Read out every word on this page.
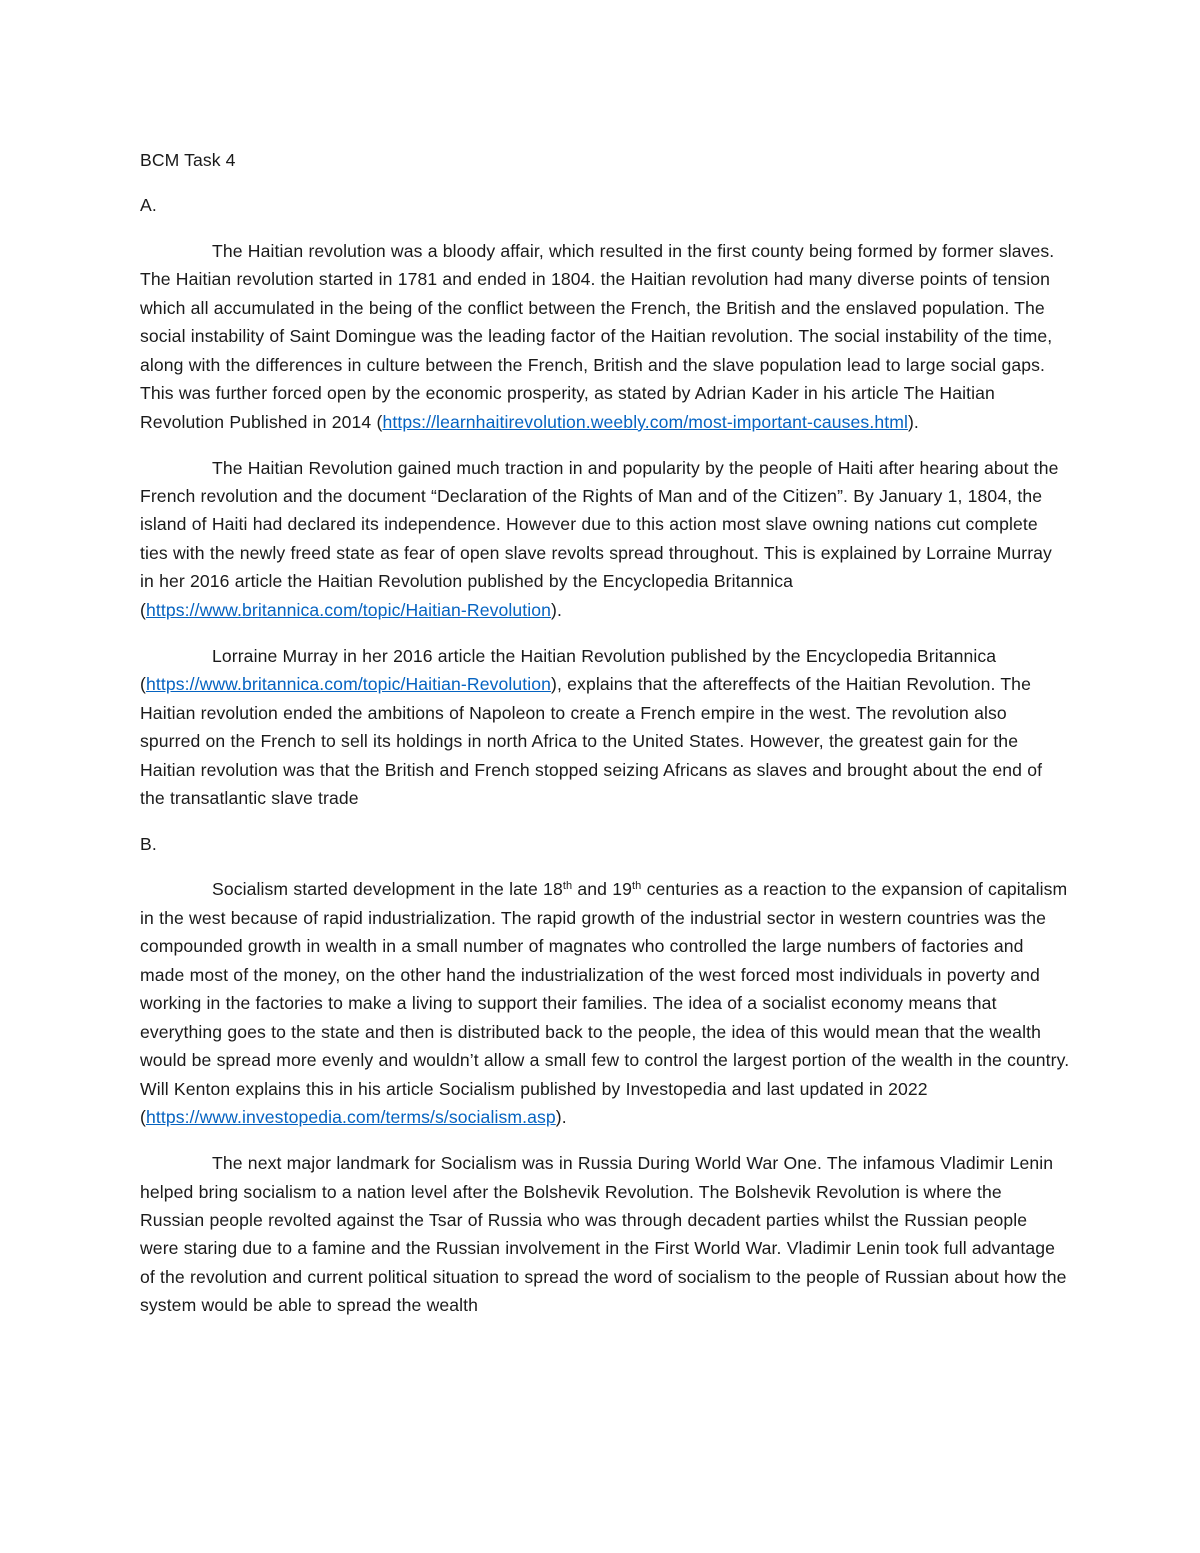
BCM Task 4

A.

The Haitian revolution was a bloody affair, which resulted in the first county being formed by former slaves. The Haitian revolution started in 1781 and ended in 1804. the Haitian revolution had many diverse points of tension which all accumulated in the being of the conflict between the French, the British and the enslaved population. The social instability of Saint Domingue was the leading factor of the Haitian revolution. The social instability of the time, along with the differences in culture between the French, British and the slave population lead to large social gaps. This was further forced open by the economic prosperity, as stated by Adrian Kader in his article The Haitian Revolution Published in 2014 (https://learnhaitirevolution.weebly.com/most-important-causes.html).

The Haitian Revolution gained much traction in and popularity by the people of Haiti after hearing about the French revolution and the document “Declaration of the Rights of Man and of the Citizen”. By January 1, 1804, the island of Haiti had declared its independence. However due to this action most slave owning nations cut complete ties with the newly freed state as fear of open slave revolts spread throughout. This is explained by Lorraine Murray in her 2016 article the Haitian Revolution published by the Encyclopedia Britannica (https://www.britannica.com/topic/Haitian-Revolution).

Lorraine Murray in her 2016 article the Haitian Revolution published by the Encyclopedia Britannica (https://www.britannica.com/topic/Haitian-Revolution), explains that the aftereffects of the Haitian Revolution. The Haitian revolution ended the ambitions of Napoleon to create a French empire in the west. The revolution also spurred on the French to sell its holdings in north Africa to the United States. However, the greatest gain for the Haitian revolution was that the British and French stopped seizing Africans as slaves and brought about the end of the transatlantic slave trade

B.

Socialism started development in the late 18th and 19th centuries as a reaction to the expansion of capitalism in the west because of rapid industrialization. The rapid growth of the industrial sector in western countries was the compounded growth in wealth in a small number of magnates who controlled the large numbers of factories and made most of the money, on the other hand the industrialization of the west forced most individuals in poverty and working in the factories to make a living to support their families. The idea of a socialist economy means that everything goes to the state and then is distributed back to the people, the idea of this would mean that the wealth would be spread more evenly and wouldn’t allow a small few to control the largest portion of the wealth in the country. Will Kenton explains this in his article Socialism published by Investopedia and last updated in 2022 (https://www.investopedia.com/terms/s/socialism.asp).

The next major landmark for Socialism was in Russia During World War One. The infamous Vladimir Lenin helped bring socialism to a nation level after the Bolshevik Revolution. The Bolshevik Revolution is where the Russian people revolted against the Tsar of Russia who was through decadent parties whilst the Russian people were staring due to a famine and the Russian involvement in the First World War. Vladimir Lenin took full advantage of the revolution and current political situation to spread the word of socialism to the people of Russian about how the system would be able to spread the wealth
